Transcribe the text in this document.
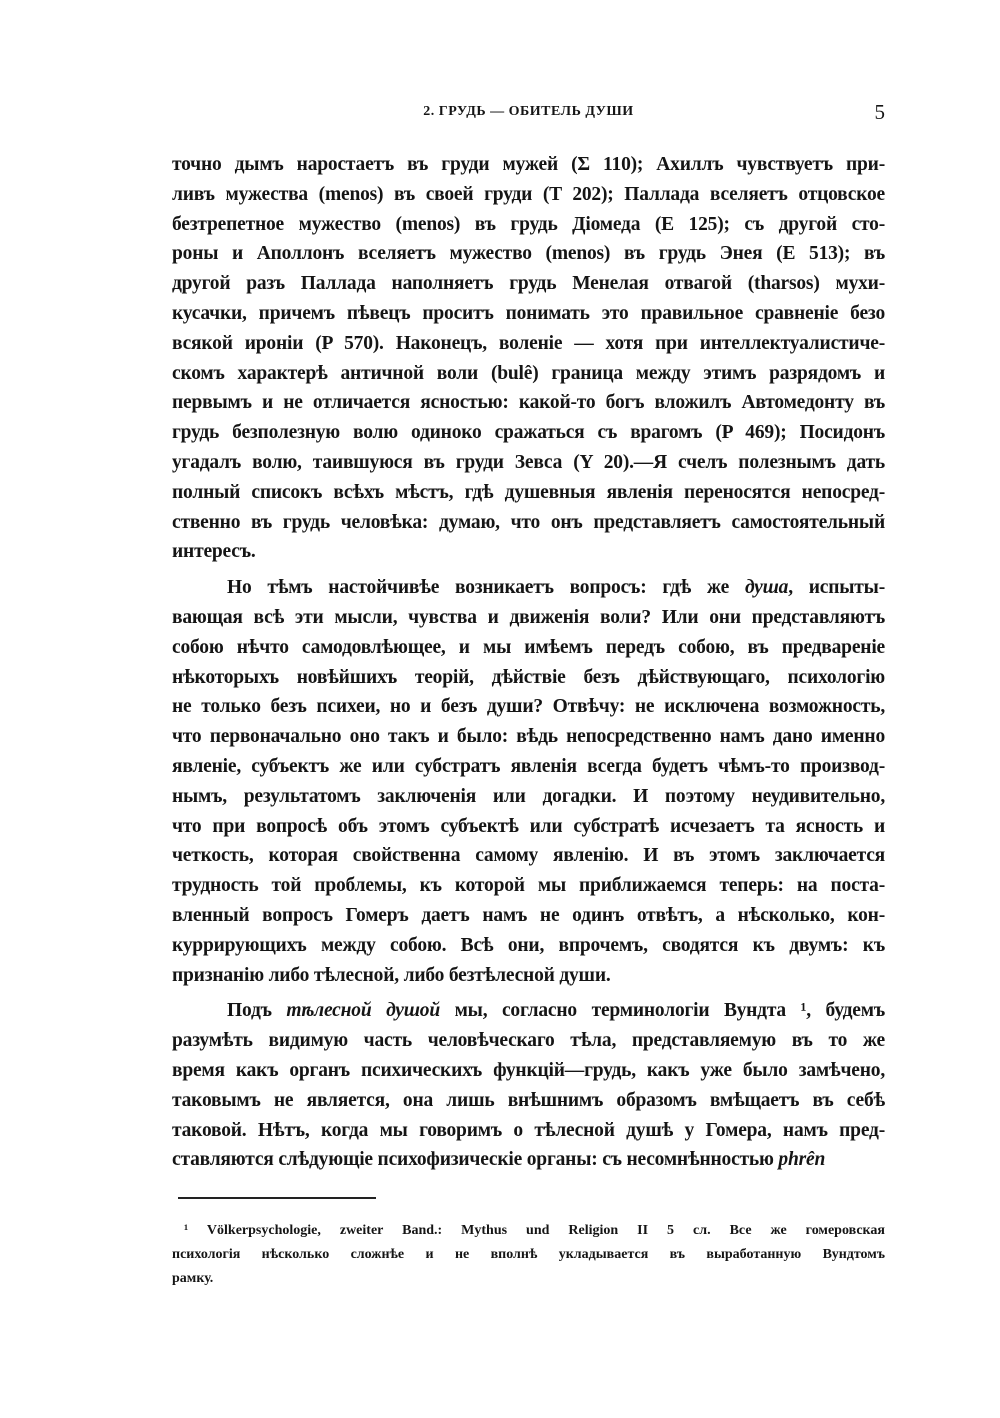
2. ГРУДЬ — ОБИТЕЛЬ ДУШИ	5
точно дымъ наростаетъ въ груди мужей (Σ 110); Ахиллъ чувствуетъ при-
ливъ мужества (menos) въ своей груди (T 202); Паллада вселяетъ отцовское
безтрепетное мужество (menos) въ грудь Діомеда (E 125); съ другой сто-
роны и Аполлонъ вселяетъ мужество (menos) въ грудь Энея (E 513); въ
другой разъ Паллада наполняетъ грудь Менелая отвагой (tharsos) мухи-
кусачки, причемъ пѣвецъ проситъ понимать это правильное сравненіе безо
всякой ироніи (P 570). Наконецъ, воленіе — хотя при интеллектуалистиче-
скомъ характерѣ античной воли (bulê) граница между этимъ разрядомъ и
первымъ и не отличается ясностью: какой-то богъ вложилъ Автомедонту въ
грудь безполезную волю одиноко сражаться съ врагомъ (P 469); Посидонъ
угадалъ волю, таившуюся въ груди Зевса (Y 20).—Я счелъ полезнымъ дать
полный списокъ всѣхъ мѣстъ, гдѣ душевныя явленія переносятся непосред-
ственно въ грудь человѣка: думаю, что онъ представляетъ самостоятельный
интересъ.
Но тѣмъ настойчивѣе возникаетъ вопросъ: гдѣ же душа, испыты-
вающая всѣ эти мысли, чувства и движенія воли? Или они представляютъ
собою нѣчто самодовлѣющее, и мы имѣемъ передъ собою, въ предвареніе
нѣкоторыхъ новѣйшихъ теорій, дѣйствіе безъ дѣйствующаго, психологію
не только безъ психеи, но и безъ души? Отвѣчу: не исключена возможность,
что первоначально оно такъ и было: вѣдь непосредственно намъ дано именно
явленіе, субъектъ же или субстратъ явленія всегда будетъ чѣмъ-то производ-
нымъ, результатомъ заключенія или догадки. И поэтому неудивительно,
что при вопросѣ объ этомъ субъектѣ или субстратѣ исчезаетъ та ясность и
четкость, которая свойственна самому явленію. И въ этомъ заключается
трудность той проблемы, къ которой мы приближаемся теперь: на поста-
вленный вопросъ Гомеръ даетъ намъ не одинъ отвѣтъ, а нѣсколько, кон-
куррирующихъ между собою. Всѣ они, впрочемъ, сводятся къ двумъ: къ
признанію либо тѣлесной, либо безтѣлесной души.
Подъ тѣлесной душой мы, согласно терминологіи Вундта ¹, будемъ
разумѣть видимую часть человѣческаго тѣла, представляемую въ то же
время какъ органъ психическихъ функцій—грудь, какъ уже было замѣчено,
таковымъ не является, она лишь внѣшнимъ образомъ вмѣщаетъ въ себѣ
таковой. Нѣтъ, когда мы говоримъ о тѣлесной душѣ у Гомера, намъ пред-
ставляются слѣдующіе психофизическіе органы: съ несомнѣнностью phrên
¹ Völkerpsychologie, zweiter Band.: Mythus und Religion II 5 сл. Все же гомеровская
психологія нѣсколько сложнѣе и не вполнѣ укладывается въ выработанную Вундтомъ
рамку.
